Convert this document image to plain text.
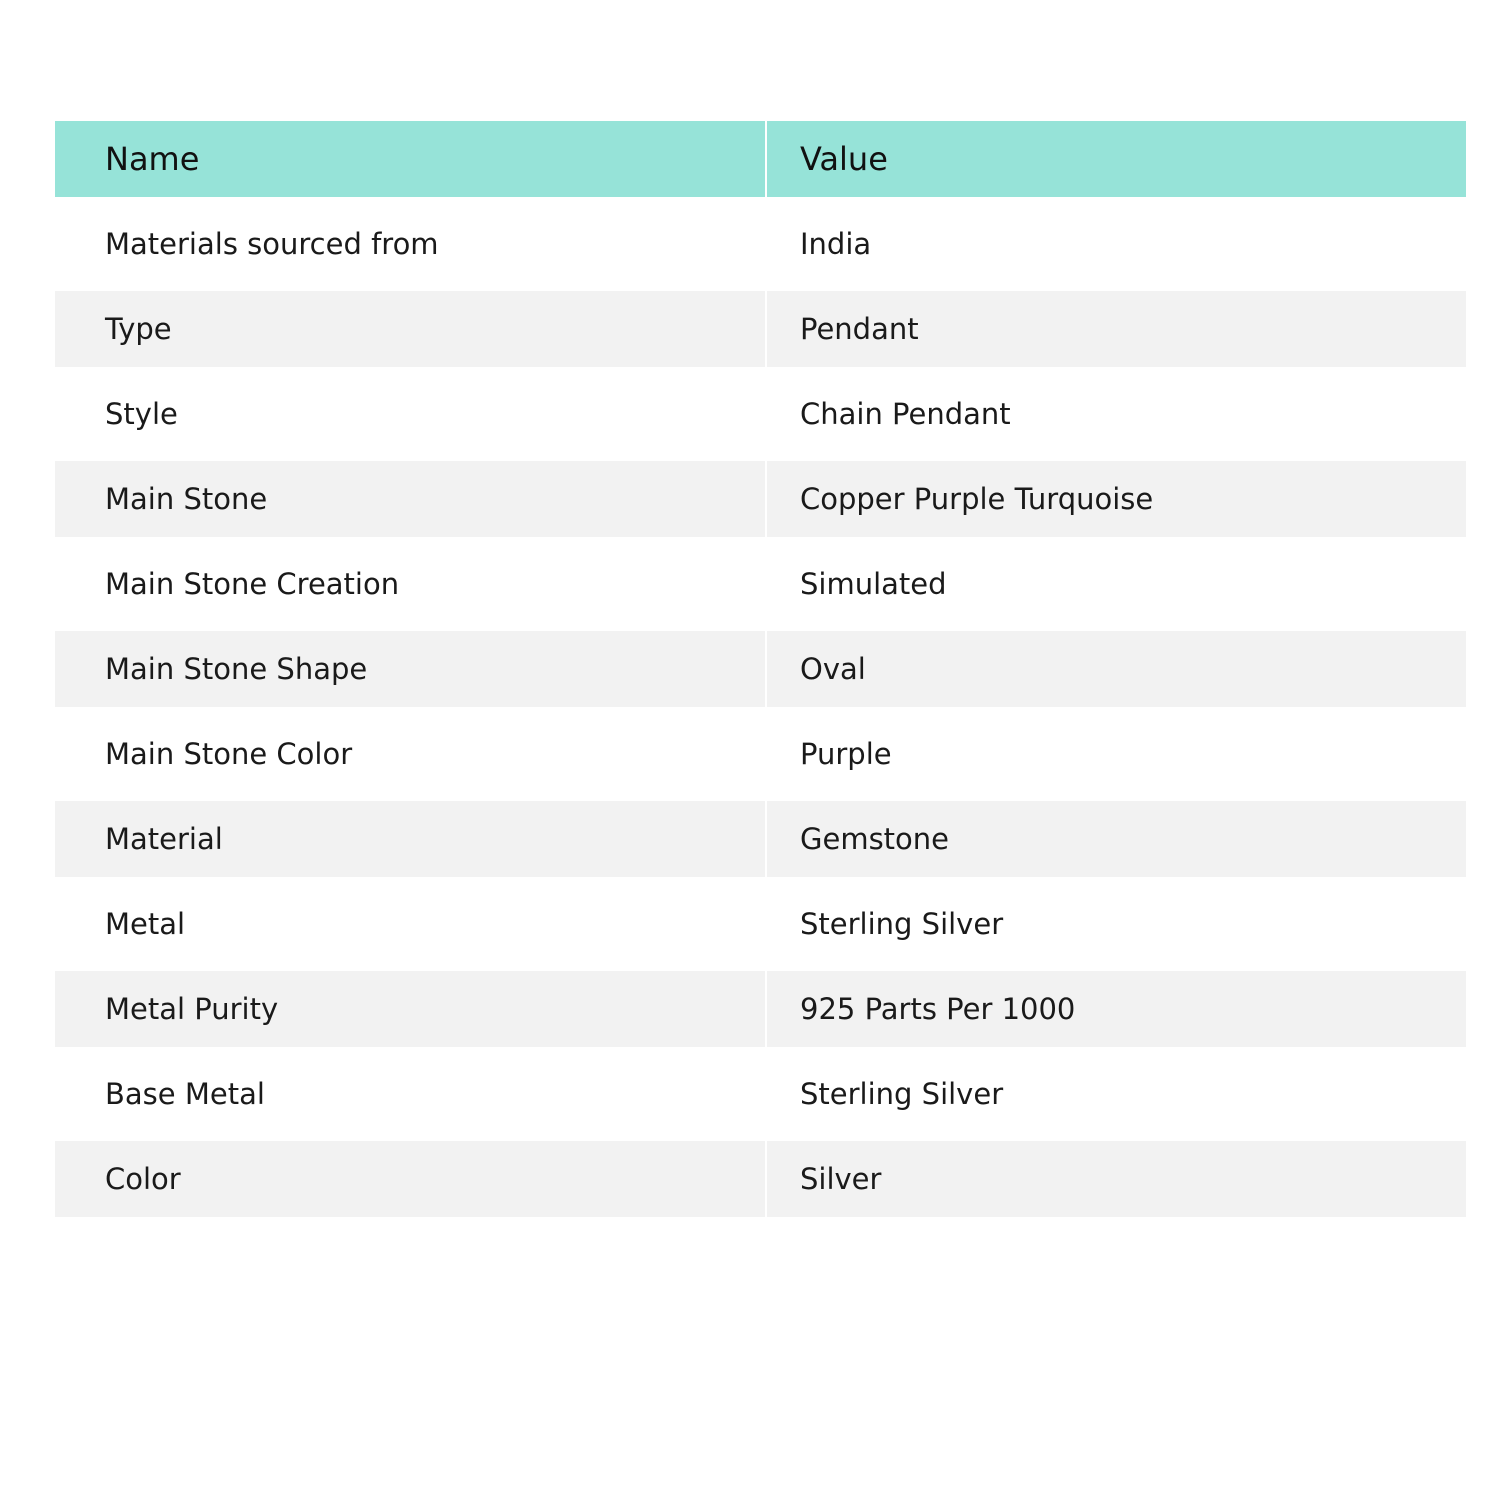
Name	Value
Materials sourced from	India
Type	Pendant
Style	Chain Pendant
Main Stone	Copper Purple Turquoise
Main Stone Creation	Simulated
Main Stone Shape	Oval
Main Stone Color	Purple
Material	Gemstone
Metal	Sterling Silver
Metal Purity	925 Parts Per 1000
Base Metal	Sterling Silver
Color	Silver
